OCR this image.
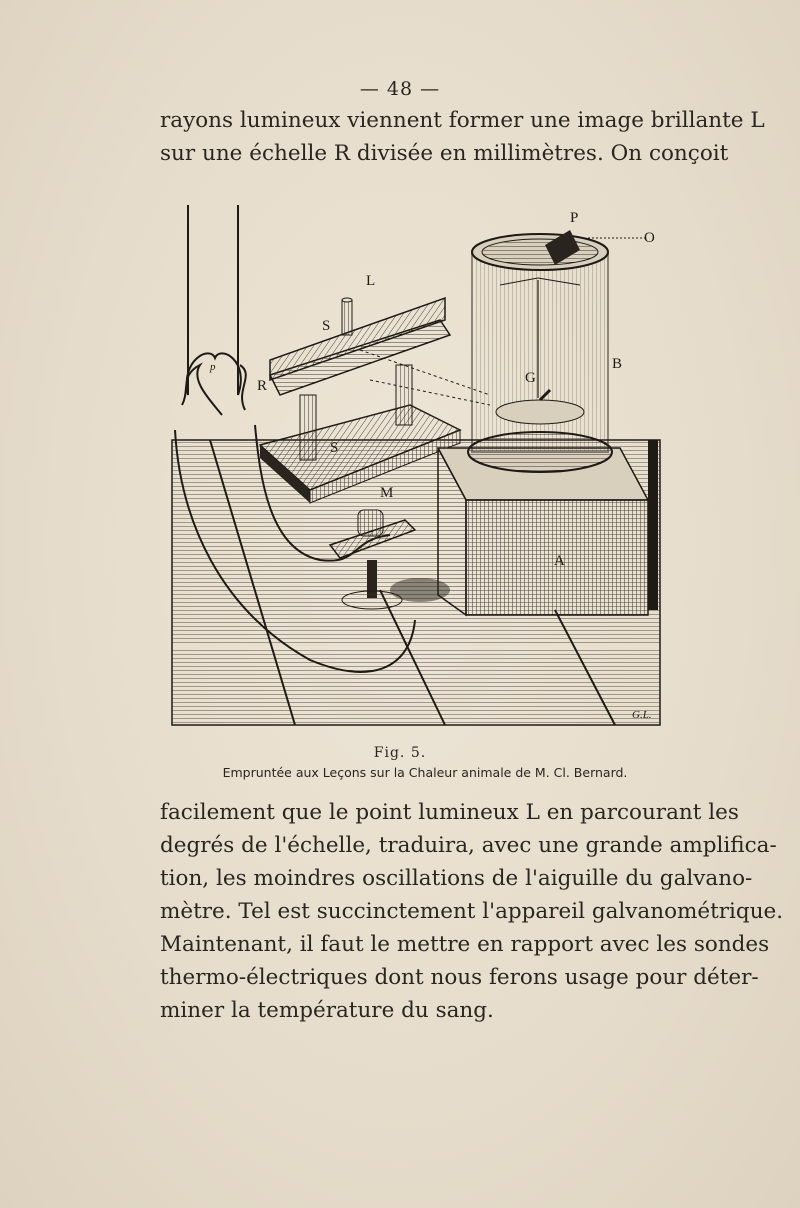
— 48 —
rayons lumineux viennent former une image brillante L
sur une échelle R divisée en millimètres. On conçoit
p
L
S
S
R
A
P
O
G
B
M
G.L.
Fig. 5.
Empruntée aux Leçons sur la Chaleur animale de M. Cl. Bernard.
facilement que le point lumineux L en parcourant les
degrés de l'échelle, traduira, avec une grande amplifica-
tion, les moindres oscillations de l'aiguille du galvano-
mètre. Tel est succinctement l'appareil galvanométrique.
Maintenant, il faut le mettre en rapport avec les sondes
thermo-électriques dont nous ferons usage pour déter-
miner la température du sang.
